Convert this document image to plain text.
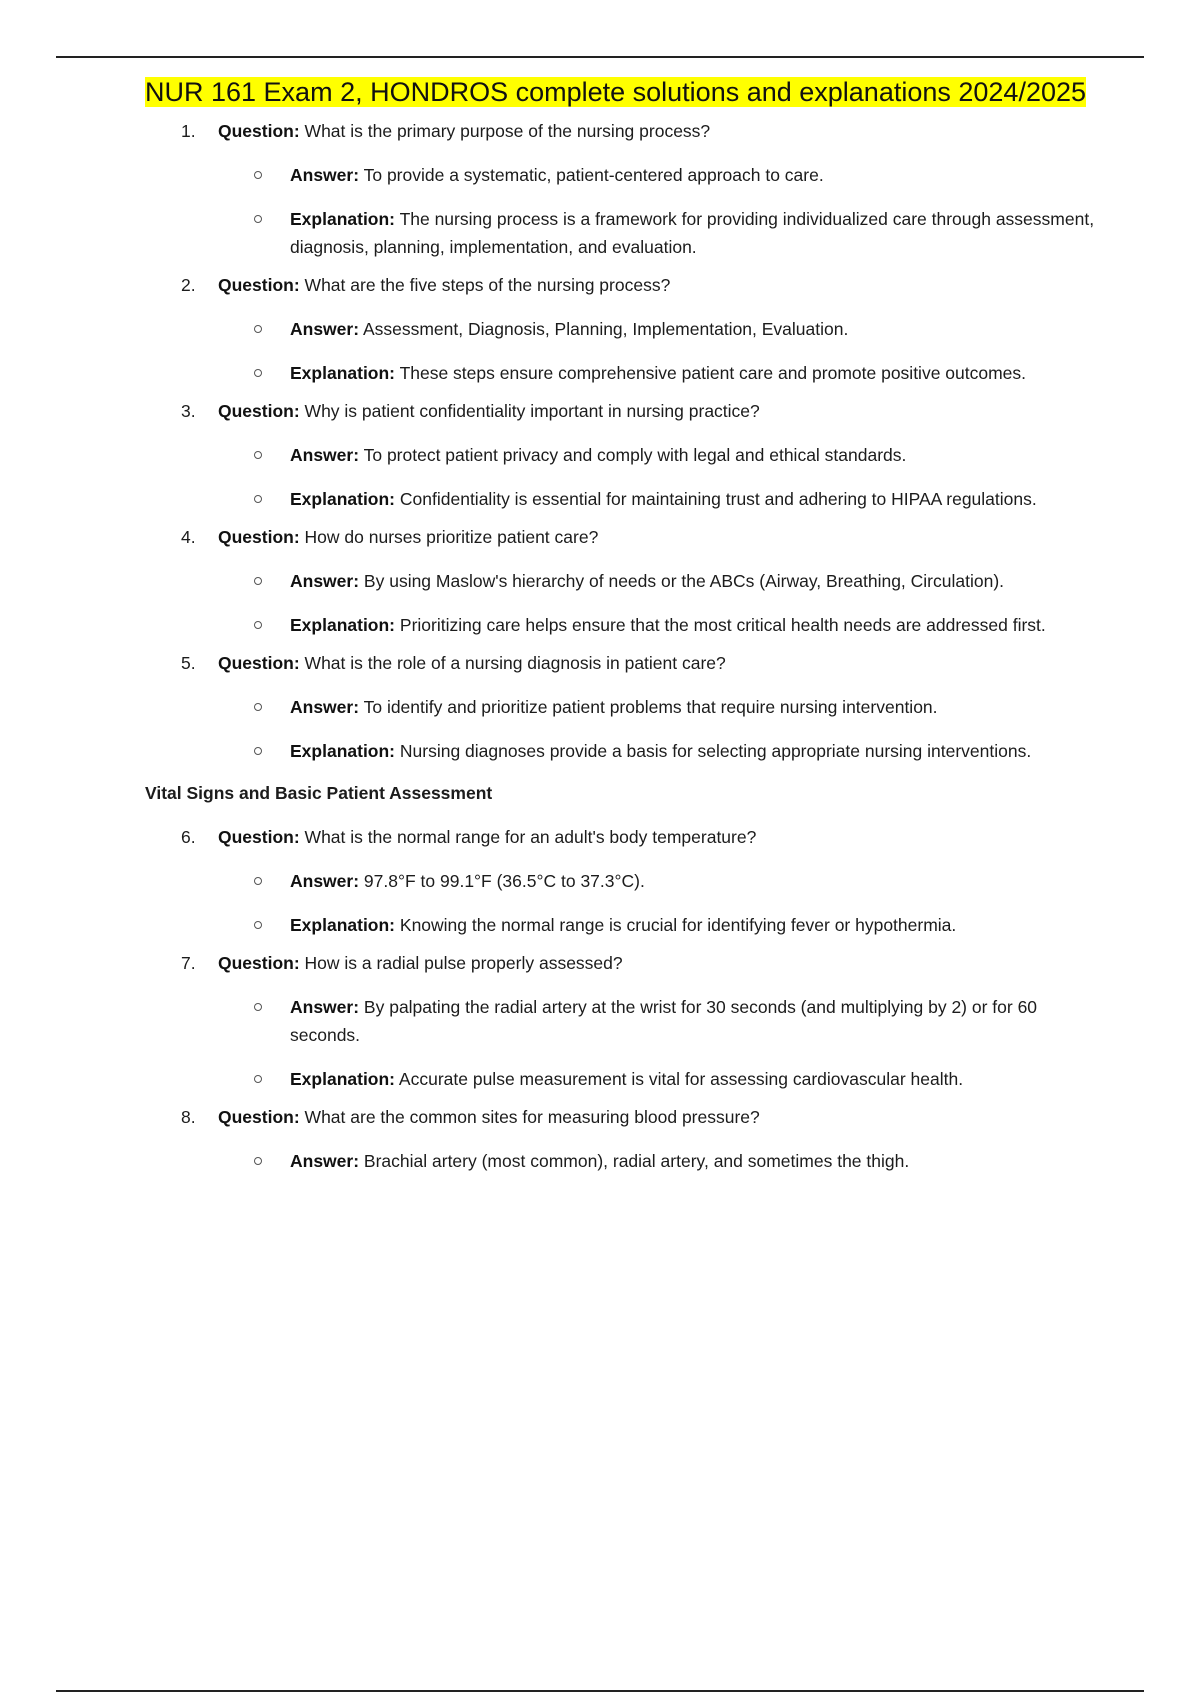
NUR 161 Exam 2, HONDROS complete solutions and explanations 2024/2025
1. Question: What is the primary purpose of the nursing process?
Answer: To provide a systematic, patient-centered approach to care.
Explanation: The nursing process is a framework for providing individualized care through assessment, diagnosis, planning, implementation, and evaluation.
2. Question: What are the five steps of the nursing process?
Answer: Assessment, Diagnosis, Planning, Implementation, Evaluation.
Explanation: These steps ensure comprehensive patient care and promote positive outcomes.
3. Question: Why is patient confidentiality important in nursing practice?
Answer: To protect patient privacy and comply with legal and ethical standards.
Explanation: Confidentiality is essential for maintaining trust and adhering to HIPAA regulations.
4. Question: How do nurses prioritize patient care?
Answer: By using Maslow's hierarchy of needs or the ABCs (Airway, Breathing, Circulation).
Explanation: Prioritizing care helps ensure that the most critical health needs are addressed first.
5. Question: What is the role of a nursing diagnosis in patient care?
Answer: To identify and prioritize patient problems that require nursing intervention.
Explanation: Nursing diagnoses provide a basis for selecting appropriate nursing interventions.
Vital Signs and Basic Patient Assessment
6. Question: What is the normal range for an adult's body temperature?
Answer: 97.8°F to 99.1°F (36.5°C to 37.3°C).
Explanation: Knowing the normal range is crucial for identifying fever or hypothermia.
7. Question: How is a radial pulse properly assessed?
Answer: By palpating the radial artery at the wrist for 30 seconds (and multiplying by 2) or for 60 seconds.
Explanation: Accurate pulse measurement is vital for assessing cardiovascular health.
8. Question: What are the common sites for measuring blood pressure?
Answer: Brachial artery (most common), radial artery, and sometimes the thigh.
